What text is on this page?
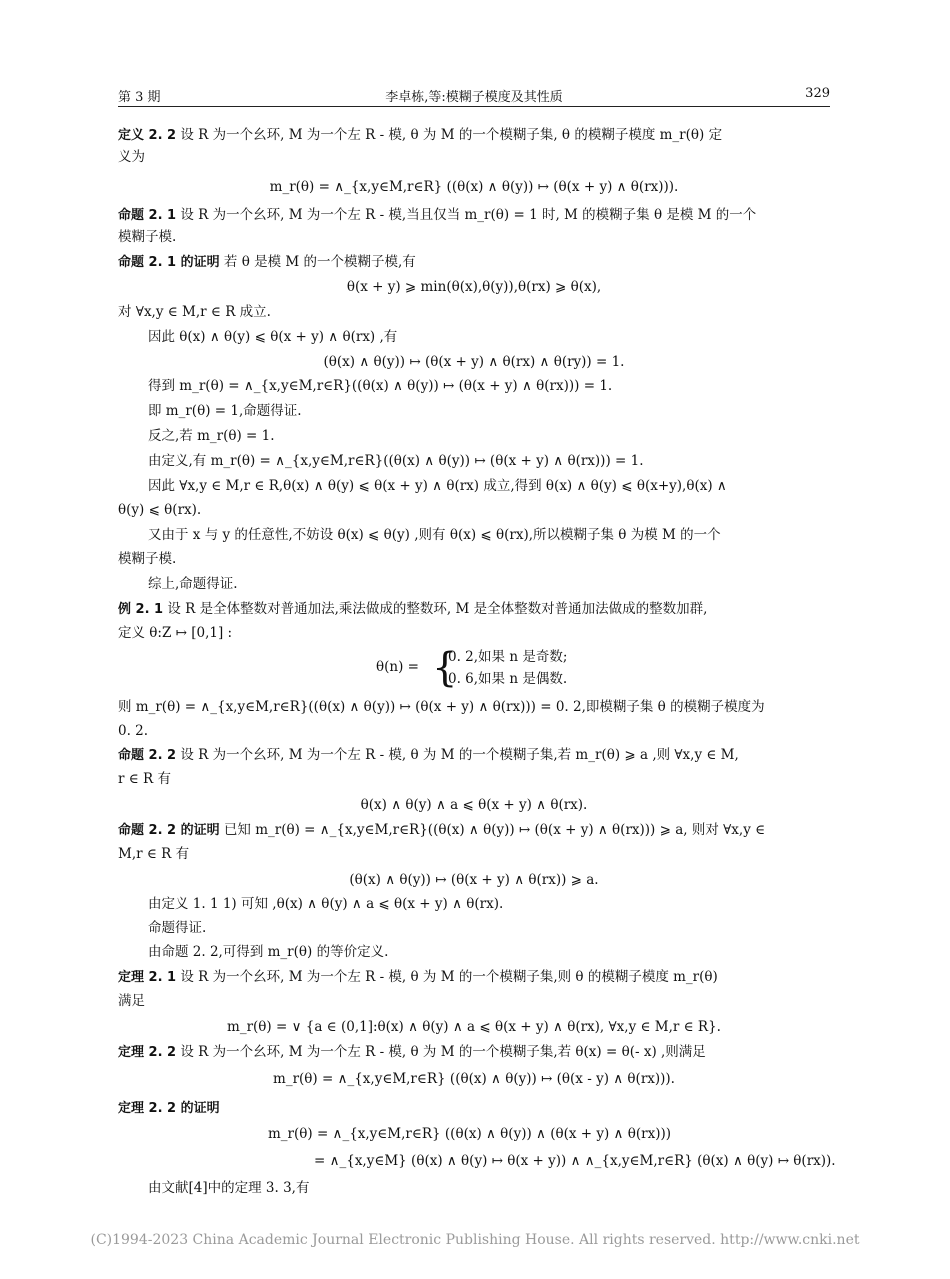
第 3 期	李卓栋,等:模糊子模度及其性质	329
定义 2. 2 设 R 为一个幺环, M 为一个左 R - 模, θ 为 M 的一个模糊子集, θ 的模糊子模度 m_r(θ) 定
义为
m_r(θ) = ∧_{x,y∈M,r∈R} ((θ(x) ∧ θ(y)) ↦ (θ(x + y) ∧ θ(rx))).
命题 2. 1 设 R 为一个幺环, M 为一个左 R - 模,当且仅当 m_r(θ) = 1 时, M 的模糊子集 θ 是模 M 的一个
模糊子模.
命题 2. 1 的证明 若 θ 是模 M 的一个模糊子模,有
θ(x + y) ⩾ min(θ(x),θ(y)),θ(rx) ⩾ θ(x),
对 ∀x,y ∈ M,r ∈ R 成立.
因此 θ(x) ∧ θ(y) ⩽ θ(x + y) ∧ θ(rx) ,有
(θ(x) ∧ θ(y)) ↦ (θ(x + y) ∧ θ(rx) ∧ θ(ry)) = 1.
得到 m_r(θ) = ∧_{x,y∈M,r∈R}((θ(x) ∧ θ(y)) ↦ (θ(x + y) ∧ θ(rx))) = 1.
即 m_r(θ) = 1,命题得证.
反之,若 m_r(θ) = 1.
由定义,有 m_r(θ) = ∧_{x,y∈M,r∈R}((θ(x) ∧ θ(y)) ↦ (θ(x + y) ∧ θ(rx))) = 1.
因此 ∀x,y ∈ M,r ∈ R,θ(x) ∧ θ(y) ⩽ θ(x + y) ∧ θ(rx) 成立,得到 θ(x) ∧ θ(y) ⩽ θ(x+y),θ(x) ∧
θ(y) ⩽ θ(rx).
又由于 x 与 y 的任意性,不妨设 θ(x) ⩽ θ(y) ,则有 θ(x) ⩽ θ(rx),所以模糊子集 θ 为模 M 的一个
模糊子模.
综上,命题得证.
例 2. 1 设 R 是全体整数对普通加法,乘法做成的整数环, M 是全体整数对普通加法做成的整数加群,
定义 θ:Z ↦ [0,1] :
θ(n) = {
0. 2,如果 n 是奇数;
0. 6,如果 n 是偶数.
则 m_r(θ) = ∧_{x,y∈M,r∈R}((θ(x) ∧ θ(y)) ↦ (θ(x + y) ∧ θ(rx))) = 0. 2,即模糊子集 θ 的模糊子模度为
0. 2.
命题 2. 2 设 R 为一个幺环, M 为一个左 R - 模, θ 为 M 的一个模糊子集,若 m_r(θ) ⩾ a ,则 ∀x,y ∈ M,
r ∈ R 有
θ(x) ∧ θ(y) ∧ a ⩽ θ(x + y) ∧ θ(rx).
命题 2. 2 的证明 已知 m_r(θ) = ∧_{x,y∈M,r∈R}((θ(x) ∧ θ(y)) ↦ (θ(x + y) ∧ θ(rx))) ⩾ a, 则对 ∀x,y ∈
M,r ∈ R 有
(θ(x) ∧ θ(y)) ↦ (θ(x + y) ∧ θ(rx)) ⩾ a.
由定义 1. 1 1) 可知 ,θ(x) ∧ θ(y) ∧ a ⩽ θ(x + y) ∧ θ(rx).
命题得证.
由命题 2. 2,可得到 m_r(θ) 的等价定义.
定理 2. 1 设 R 为一个幺环, M 为一个左 R - 模, θ 为 M 的一个模糊子集,则 θ 的模糊子模度 m_r(θ)
满足
m_r(θ) = ∨ {a ∈ (0,1]:θ(x) ∧ θ(y) ∧ a ⩽ θ(x + y) ∧ θ(rx), ∀x,y ∈ M,r ∈ R}.
定理 2. 2 设 R 为一个幺环, M 为一个左 R - 模, θ 为 M 的一个模糊子集,若 θ(x) = θ(- x) ,则满足
m_r(θ) = ∧_{x,y∈M,r∈R} ((θ(x) ∧ θ(y)) ↦ (θ(x - y) ∧ θ(rx))).
定理 2. 2 的证明
m_r(θ) = ∧_{x,y∈M,r∈R} ((θ(x) ∧ θ(y)) ∧ (θ(x + y) ∧ θ(rx)))
= ∧_{x,y∈M} (θ(x) ∧ θ(y) ↦ θ(x + y)) ∧ ∧_{x,y∈M,r∈R} (θ(x) ∧ θ(y) ↦ θ(rx)).
由文献[4]中的定理 3. 3,有
(C)1994-2023 China Academic Journal Electronic Publishing House. All rights reserved. http://www.cnki.net
